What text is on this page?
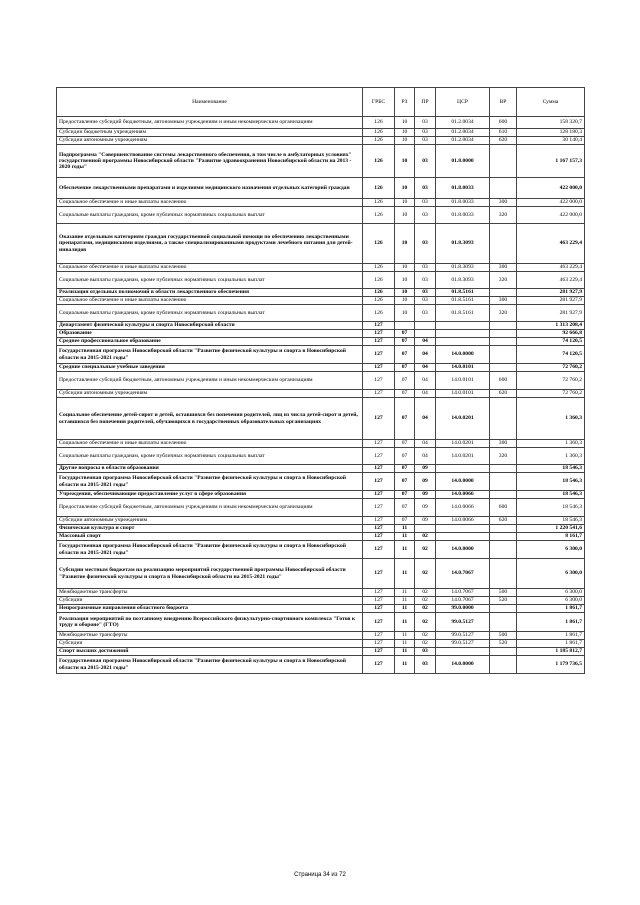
Наименование	ГРБС	РЗ	ПР	ЦСР	ВР	Сумма
Предоставление субсидий бюджетным, автономным учреждениям и иным некоммерческим организациям	126	10	03	01.2.0034	600	158 320,7
Субсидии бюджетным учреждениям	126	10	03	01.2.0034	610	128 180,3
Субсидии автономным учреждениям	126	10	03	01.2.0034	620	30 140,4
Подпрограмма "Совершенствование системы лекарственного обеспечения, в том числе в амбулаторных условиях" государственной программы Новосибирской области "Развитие здравоохранения Новосибирской области на 2013 - 2020 годы"	126	10	03	01.8.0000		1 167 157,3
Обеспечение лекарственными препаратами и изделиями медицинского назначения отдельных категорий граждан	126	10	03	01.8.0033		422 000,0
Социальное обеспечение и иные выплаты населению	126	10	03	01.8.0033	300	422 000,0
Социальные выплаты гражданам, кроме публичных нормативных социальных выплат	126	10	03	01.8.0033	320	422 000,0
Оказание отдельным категориям граждан государственной социальной помощи по обеспечению лекарственными препаратами, медицинскими изделиями, а также специализированными продуктами лечебного питания для детей-инвалидов	126	10	03	01.8.3093		463 229,4
Социальное обеспечение и иные выплаты населению	126	10	03	01.8.3093	300	463 229,4
Социальные выплаты гражданам, кроме публичных нормативных социальных выплат	126	10	03	01.8.3093	320	463 229,4
Реализация отдельных полномочий в области лекарственного обеспечения	126	10	03	01.8.5161		281 927,9
Социальное обеспечение и иные выплаты населению	126	10	03	01.8.5161	300	281 927,9
Социальные выплаты гражданам, кроме публичных нормативных социальных выплат	126	10	03	01.8.5161	320	281 927,9
Департамент физической культуры и спорта Новосибирской области	127					1 313 208,4
Образование	127	07				92 666,8
Среднее профессиональное образование	127	07	04			74 120,5
Государственная программа Новосибирской области "Развитие физической культуры и спорта в Новосибирской области на 2015-2021 годы"	127	07	04	14.0.0000		74 120,5
Средние специальные учебные заведения	127	07	04	14.0.0101		72 760,2
Предоставление субсидий бюджетным, автономным учреждениям и иным некоммерческим организациям	127	07	04	14.0.0101	600	72 760,2
Субсидии автономным учреждениям	127	07	04	14.0.0101	620	72 760,2
Социальное обеспечение детей-сирот и детей, оставшихся без попечения родителей, лиц из числа детей-сирот и детей, оставшихся без попечения родителей, обучающихся в государственных образовательных организациях	127	07	04	14.0.0201		1 360,3
Социальное обеспечение и иные выплаты населению	127	07	04	14.0.0201	300	1 360,3
Социальные выплаты гражданам, кроме публичных нормативных социальных выплат	127	07	04	14.0.0201	320	1 360,3
Другие вопросы в области образования	127	07	09			18 546,3
Государственная программа Новосибирской области "Развитие физической культуры и спорта в Новосибирской области на 2015-2021 годы"	127	07	09	14.0.0000		18 546,3
Учреждения, обеспечивающие предоставление услуг в сфере образования	127	07	09	14.0.0066		18 546,3
Предоставление субсидий бюджетным, автономным учреждениям и иным некоммерческим организациям	127	07	09	14.0.0066	600	18 546,3
Субсидии автономным учреждениям	127	07	09	14.0.0066	620	18 546,3
Физическая культура и спорт	127	11				1 220 541,6
Массовый спорт	127	11	02			8 161,7
Государственная программа Новосибирской области "Развитие физической культуры и спорта в Новосибирской области на 2015-2021 годы"	127	11	02	14.0.0000		6 300,0
Субсидии местным бюджетам на реализацию мероприятий государственной программы Новосибирской области "Развитие физической культуры и спорта в Новосибирской области на 2015-2021 годы"	127	11	02	14.0.7067		6 300,0
Межбюджетные трансферты	127	11	02	14.0.7067	500	6 300,0
Субсидии	127	11	02	14.0.7067	520	6 300,0
Непрограммные направления областного бюджета	127	11	02	99.0.0000		1 861,7
Реализация мероприятий по поэтапному внедрению Всероссийского физкультурно-спортивного комплекса "Готов к труду и обороне" (ГТО)	127	11	02	99.0.5127		1 861,7
Межбюджетные трансферты	127	11	02	99.0.5127	500	1 861,7
Субсидии	127	11	02	99.0.5127	520	1 861,7
Спорт высших достижений	127	11	03			1 185 812,7
Государственная программа Новосибирской области "Развитие физической культуры и спорта в Новосибирской области на 2015-2021 годы"	127	11	03	14.0.0000		1 179 736,5
Страница 34 из 72
